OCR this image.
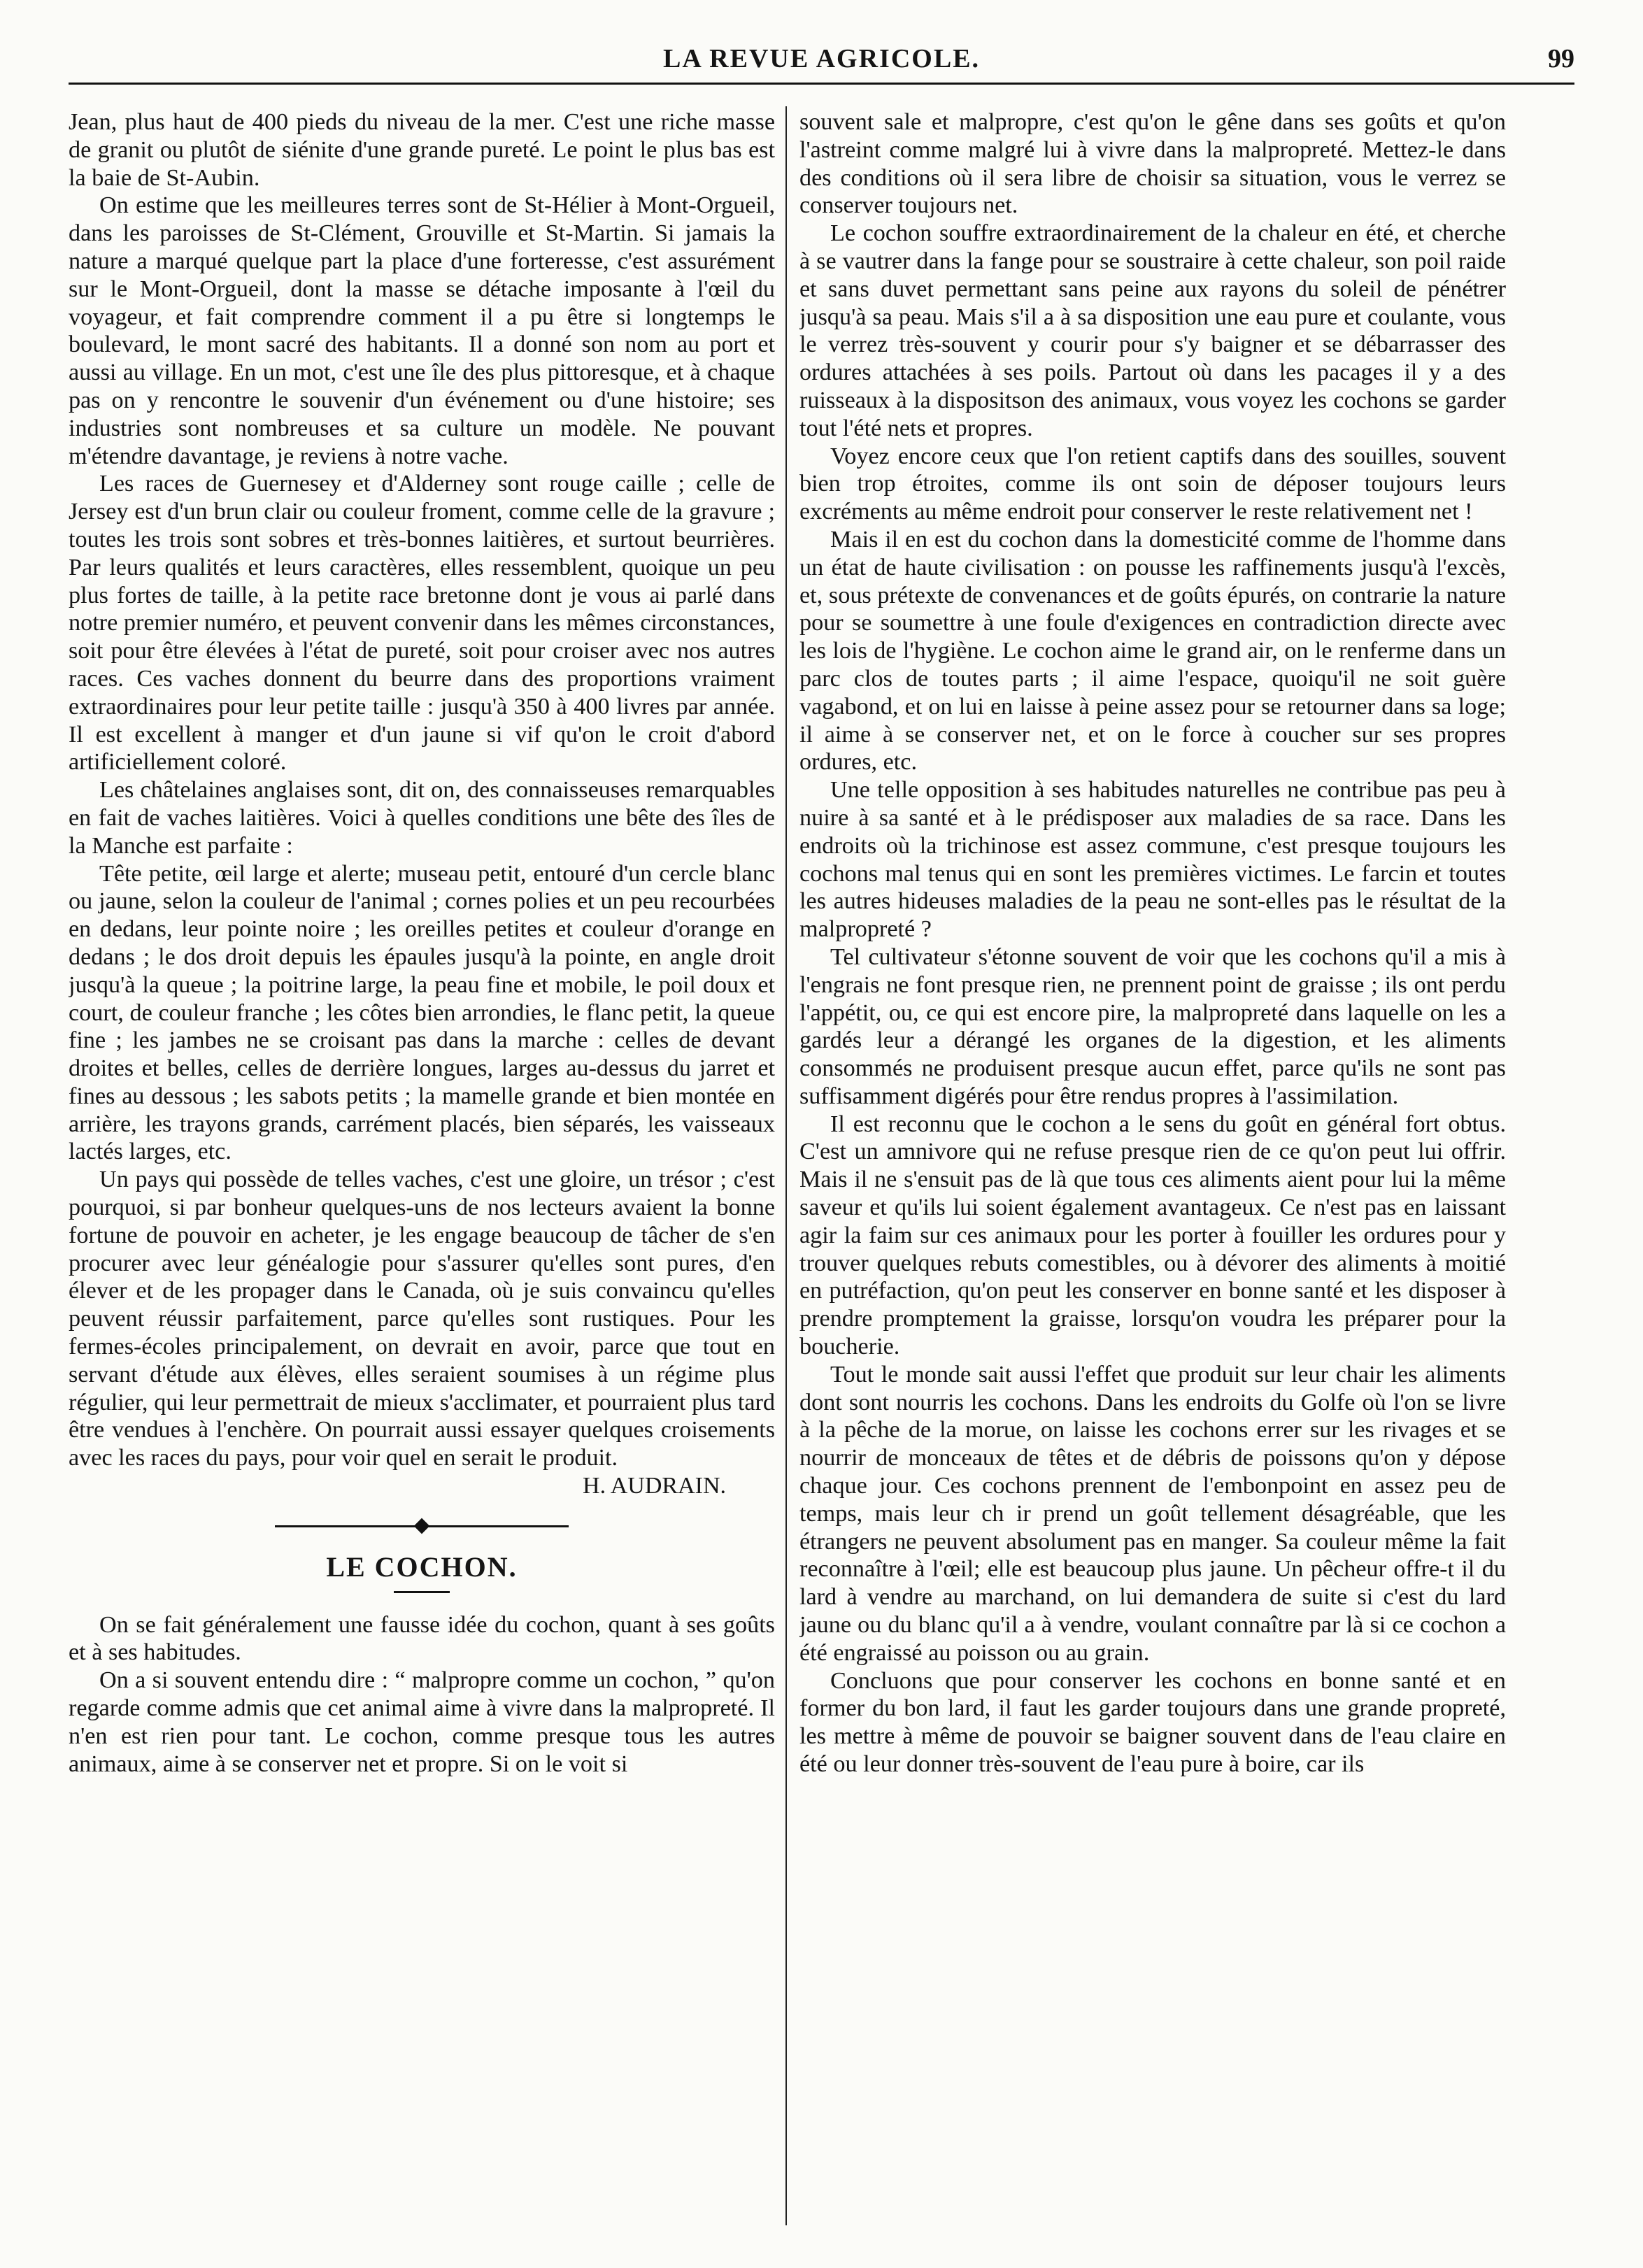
LA REVUE AGRICOLE.	99

Jean, plus haut de 400 pieds du niveau de la mer. C'est une riche masse de granit ou plutôt de siénite d'une grande pureté. Le point le plus bas est la baie de St-Aubin.

On estime que les meilleures terres sont de St-Hélier à Mont-Orgueil, dans les paroisses de St-Clément, Grouville et St-Martin. Si jamais la nature a marqué quelque part la place d'une forteresse, c'est assurément sur le Mont-Orgueil, dont la masse se détache imposante à l'œil du voyageur, et fait comprendre comment il a pu être si longtemps le boulevard, le mont sacré des habitants. Il a donné son nom au port et aussi au village. En un mot, c'est une île des plus pittoresque, et à chaque pas on y rencontre le souvenir d'un événement ou d'une histoire; ses industries sont nombreuses et sa culture un modèle. Ne pouvant m'étendre davantage, je reviens à notre vache.

Les races de Guernesey et d'Alderney sont rouge caille ; celle de Jersey est d'un brun clair ou couleur froment, comme celle de la gravure ; toutes les trois sont sobres et très-bonnes laitières, et surtout beurrières. Par leurs qualités et leurs caractères, elles ressemblent, quoique un peu plus fortes de taille, à la petite race bretonne dont je vous ai parlé dans notre premier numéro, et peuvent convenir dans les mêmes circonstances, soit pour être élevées à l'état de pureté, soit pour croiser avec nos autres races. Ces vaches donnent du beurre dans des proportions vraiment extraordinaires pour leur petite taille : jusqu'à 350 à 400 livres par année. Il est excellent à manger et d'un jaune si vif qu'on le croit d'abord artificiellement coloré.

Les châtelaines anglaises sont, dit on, des connaisseuses remarquables en fait de vaches laitières. Voici à quelles conditions une bête des îles de la Manche est parfaite :

Tête petite, œil large et alerte; museau petit, entouré d'un cercle blanc ou jaune, selon la couleur de l'animal ; cornes polies et un peu recourbées en dedans, leur pointe noire ; les oreilles petites et couleur d'orange en dedans ; le dos droit depuis les épaules jusqu'à la pointe, en angle droit jusqu'à la queue ; la poitrine large, la peau fine et mobile, le poil doux et court, de couleur franche ; les côtes bien arrondies, le flanc petit, la queue fine ; les jambes ne se croisant pas dans la marche : celles de devant droites et belles, celles de derrière longues, larges au-dessus du jarret et fines au dessous ; les sabots petits ; la mamelle grande et bien montée en arrière, les trayons grands, carrément placés, bien séparés, les vaisseaux lactés larges, etc.

Un pays qui possède de telles vaches, c'est une gloire, un trésor ; c'est pourquoi, si par bonheur quelques-uns de nos lecteurs avaient la bonne fortune de pouvoir en acheter, je les engage beaucoup de tâcher de s'en procurer avec leur généalogie pour s'assurer qu'elles sont pures, d'en élever et de les propager dans le Canada, où je suis convaincu qu'elles peuvent réussir parfaitement, parce qu'elles sont rustiques. Pour les fermes-écoles principalement, on devrait en avoir, parce que tout en servant d'étude aux élèves, elles seraient soumises à un régime plus régulier, qui leur permettrait de mieux s'acclimater, et pourraient plus tard être vendues à l'enchère. On pourrait aussi essayer quelques croisements avec les races du pays, pour voir quel en serait le produit.

H. AUDRAIN.

LE COCHON.

On se fait généralement une fausse idée du cochon, quant à ses goûts et à ses habitudes.

On a si souvent entendu dire : “ malpropre comme un cochon, ” qu'on regarde comme admis que cet animal aime à vivre dans la malpropreté. Il n'en est rien pour tant. Le cochon, comme presque tous les autres animaux, aime à se conserver net et propre. Si on le voit si

souvent sale et malpropre, c'est qu'on le gêne dans ses goûts et qu'on l'astreint comme malgré lui à vivre dans la malpropreté. Mettez-le dans des conditions où il sera libre de choisir sa situation, vous le verrez se conserver toujours net.

Le cochon souffre extraordinairement de la chaleur en été, et cherche à se vautrer dans la fange pour se soustraire à cette chaleur, son poil raide et sans duvet permettant sans peine aux rayons du soleil de pénétrer jusqu'à sa peau. Mais s'il a à sa disposition une eau pure et coulante, vous le verrez très-souvent y courir pour s'y baigner et se débarrasser des ordures attachées à ses poils. Partout où dans les pacages il y a des ruisseaux à la dispositson des animaux, vous voyez les cochons se garder tout l'été nets et propres.

Voyez encore ceux que l'on retient captifs dans des souilles, souvent bien trop étroites, comme ils ont soin de déposer toujours leurs excréments au même endroit pour conserver le reste relativement net !

Mais il en est du cochon dans la domesticité comme de l'homme dans un état de haute civilisation : on pousse les raffinements jusqu'à l'excès, et, sous prétexte de convenances et de goûts épurés, on contrarie la nature pour se soumettre à une foule d'exigences en contradiction directe avec les lois de l'hygiène. Le cochon aime le grand air, on le renferme dans un parc clos de toutes parts ; il aime l'espace, quoiqu'il ne soit guère vagabond, et on lui en laisse à peine assez pour se retourner dans sa loge; il aime à se conserver net, et on le force à coucher sur ses propres ordures, etc.

Une telle opposition à ses habitudes naturelles ne contribue pas peu à nuire à sa santé et à le prédisposer aux maladies de sa race. Dans les endroits où la trichinose est assez commune, c'est presque toujours les cochons mal tenus qui en sont les premières victimes. Le farcin et toutes les autres hideuses maladies de la peau ne sont-elles pas le résultat de la malpropreté ?

Tel cultivateur s'étonne souvent de voir que les cochons qu'il a mis à l'engrais ne font presque rien, ne prennent point de graisse ; ils ont perdu l'appétit, ou, ce qui est encore pire, la malpropreté dans laquelle on les a gardés leur a dérangé les organes de la digestion, et les aliments consommés ne produisent presque aucun effet, parce qu'ils ne sont pas suffisamment digérés pour être rendus propres à l'assimilation.

Il est reconnu que le cochon a le sens du goût en général fort obtus. C'est un amnivore qui ne refuse presque rien de ce qu'on peut lui offrir. Mais il ne s'ensuit pas de là que tous ces aliments aient pour lui la même saveur et qu'ils lui soient également avantageux. Ce n'est pas en laissant agir la faim sur ces animaux pour les porter à fouiller les ordures pour y trouver quelques rebuts comestibles, ou à dévorer des aliments à moitié en putréfaction, qu'on peut les conserver en bonne santé et les disposer à prendre promptement la graisse, lorsqu'on voudra les préparer pour la boucherie.

Tout le monde sait aussi l'effet que produit sur leur chair les aliments dont sont nourris les cochons. Dans les endroits du Golfe où l'on se livre à la pêche de la morue, on laisse les cochons errer sur les rivages et se nourrir de monceaux de têtes et de débris de poissons qu'on y dépose chaque jour. Ces cochons prennent de l'embonpoint en assez peu de temps, mais leur ch ir prend un goût tellement désagréable, que les étrangers ne peuvent absolument pas en manger. Sa couleur même la fait reconnaître à l'œil; elle est beaucoup plus jaune. Un pêcheur offre-t il du lard à vendre au marchand, on lui demandera de suite si c'est du lard jaune ou du blanc qu'il a à vendre, voulant connaître par là si ce cochon a été engraissé au poisson ou au grain.

Concluons que pour conserver les cochons en bonne santé et en former du bon lard, il faut les garder toujours dans une grande propreté, les mettre à même de pouvoir se baigner souvent dans de l'eau claire en été ou leur donner très-souvent de l'eau pure à boire, car ils
